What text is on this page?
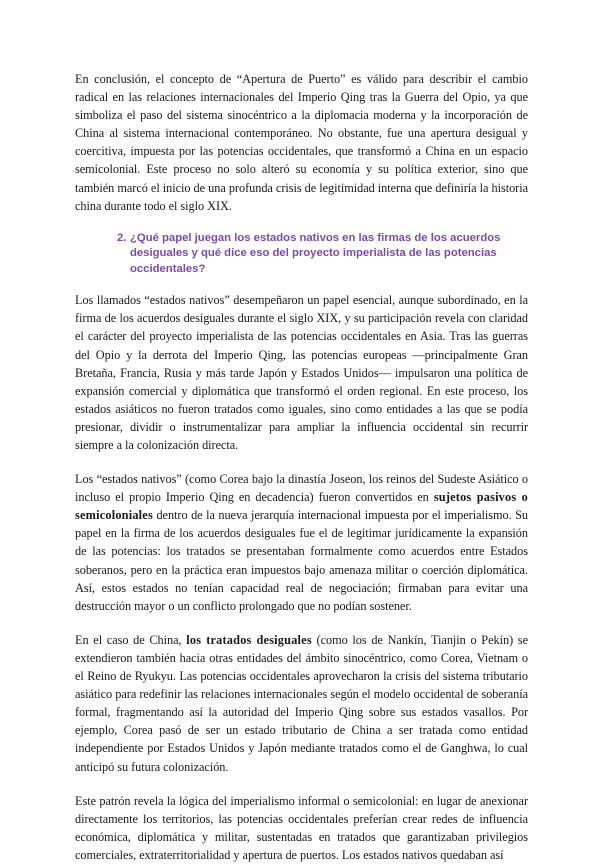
En conclusión, el concepto de “Apertura de Puerto” es válido para describir el cambio radical en las relaciones internacionales del Imperio Qing tras la Guerra del Opio, ya que simboliza el paso del sistema sinocéntrico a la diplomacia moderna y la incorporación de China al sistema internacional contemporáneo. No obstante, fue una apertura desigual y coercitiva, impuesta por las potencias occidentales, que transformó a China en un espacio semicolonial. Este proceso no solo alteró su economía y su política exterior, sino que también marcó el inicio de una profunda crisis de legitimidad interna que definiría la historia china durante todo el siglo XIX.

2. ¿Qué papel juegan los estados nativos en las firmas de los acuerdos desiguales y qué dice eso del proyecto imperialista de las potencias occidentales?

Los llamados “estados nativos” desempeñaron un papel esencial, aunque subordinado, en la firma de los acuerdos desiguales durante el siglo XIX, y su participación revela con claridad el carácter del proyecto imperialista de las potencias occidentales en Asia. Tras las guerras del Opio y la derrota del Imperio Qing, las potencias europeas —principalmente Gran Bretaña, Francia, Rusia y más tarde Japón y Estados Unidos— impulsaron una política de expansión comercial y diplomática que transformó el orden regional. En este proceso, los estados asiáticos no fueron tratados como iguales, sino como entidades a las que se podía presionar, dividir o instrumentalizar para ampliar la influencia occidental sin recurrir siempre a la colonización directa.

Los “estados nativos” (como Corea bajo la dinastía Joseon, los reinos del Sudeste Asiático o incluso el propio Imperio Qing en decadencia) fueron convertidos en sujetos pasivos o semicoloniales dentro de la nueva jerarquía internacional impuesta por el imperialismo. Su papel en la firma de los acuerdos desiguales fue el de legitimar jurídicamente la expansión de las potencias: los tratados se presentaban formalmente como acuerdos entre Estados soberanos, pero en la práctica eran impuestos bajo amenaza militar o coerción diplomática. Así, estos estados no tenían capacidad real de negociación; firmaban para evitar una destrucción mayor o un conflicto prolongado que no podían sostener.

En el caso de China, los tratados desiguales (como los de Nankín, Tianjin o Pekín) se extendieron también hacia otras entidades del ámbito sinocéntrico, como Corea, Vietnam o el Reino de Ryukyu. Las potencias occidentales aprovecharon la crisis del sistema tributario asiático para redefinir las relaciones internacionales según el modelo occidental de soberanía formal, fragmentando así la autoridad del Imperio Qing sobre sus estados vasallos. Por ejemplo, Corea pasó de ser un estado tributario de China a ser tratada como entidad independiente por Estados Unidos y Japón mediante tratados como el de Ganghwa, lo cual anticipó su futura colonización.

Este patrón revela la lógica del imperialismo informal o semicolonial: en lugar de anexionar directamente los territorios, las potencias occidentales preferían crear redes de influencia económica, diplomática y militar, sustentadas en tratados que garantizaban privilegios comerciales, extraterritorialidad y apertura de puertos. Los estados nativos quedaban así
